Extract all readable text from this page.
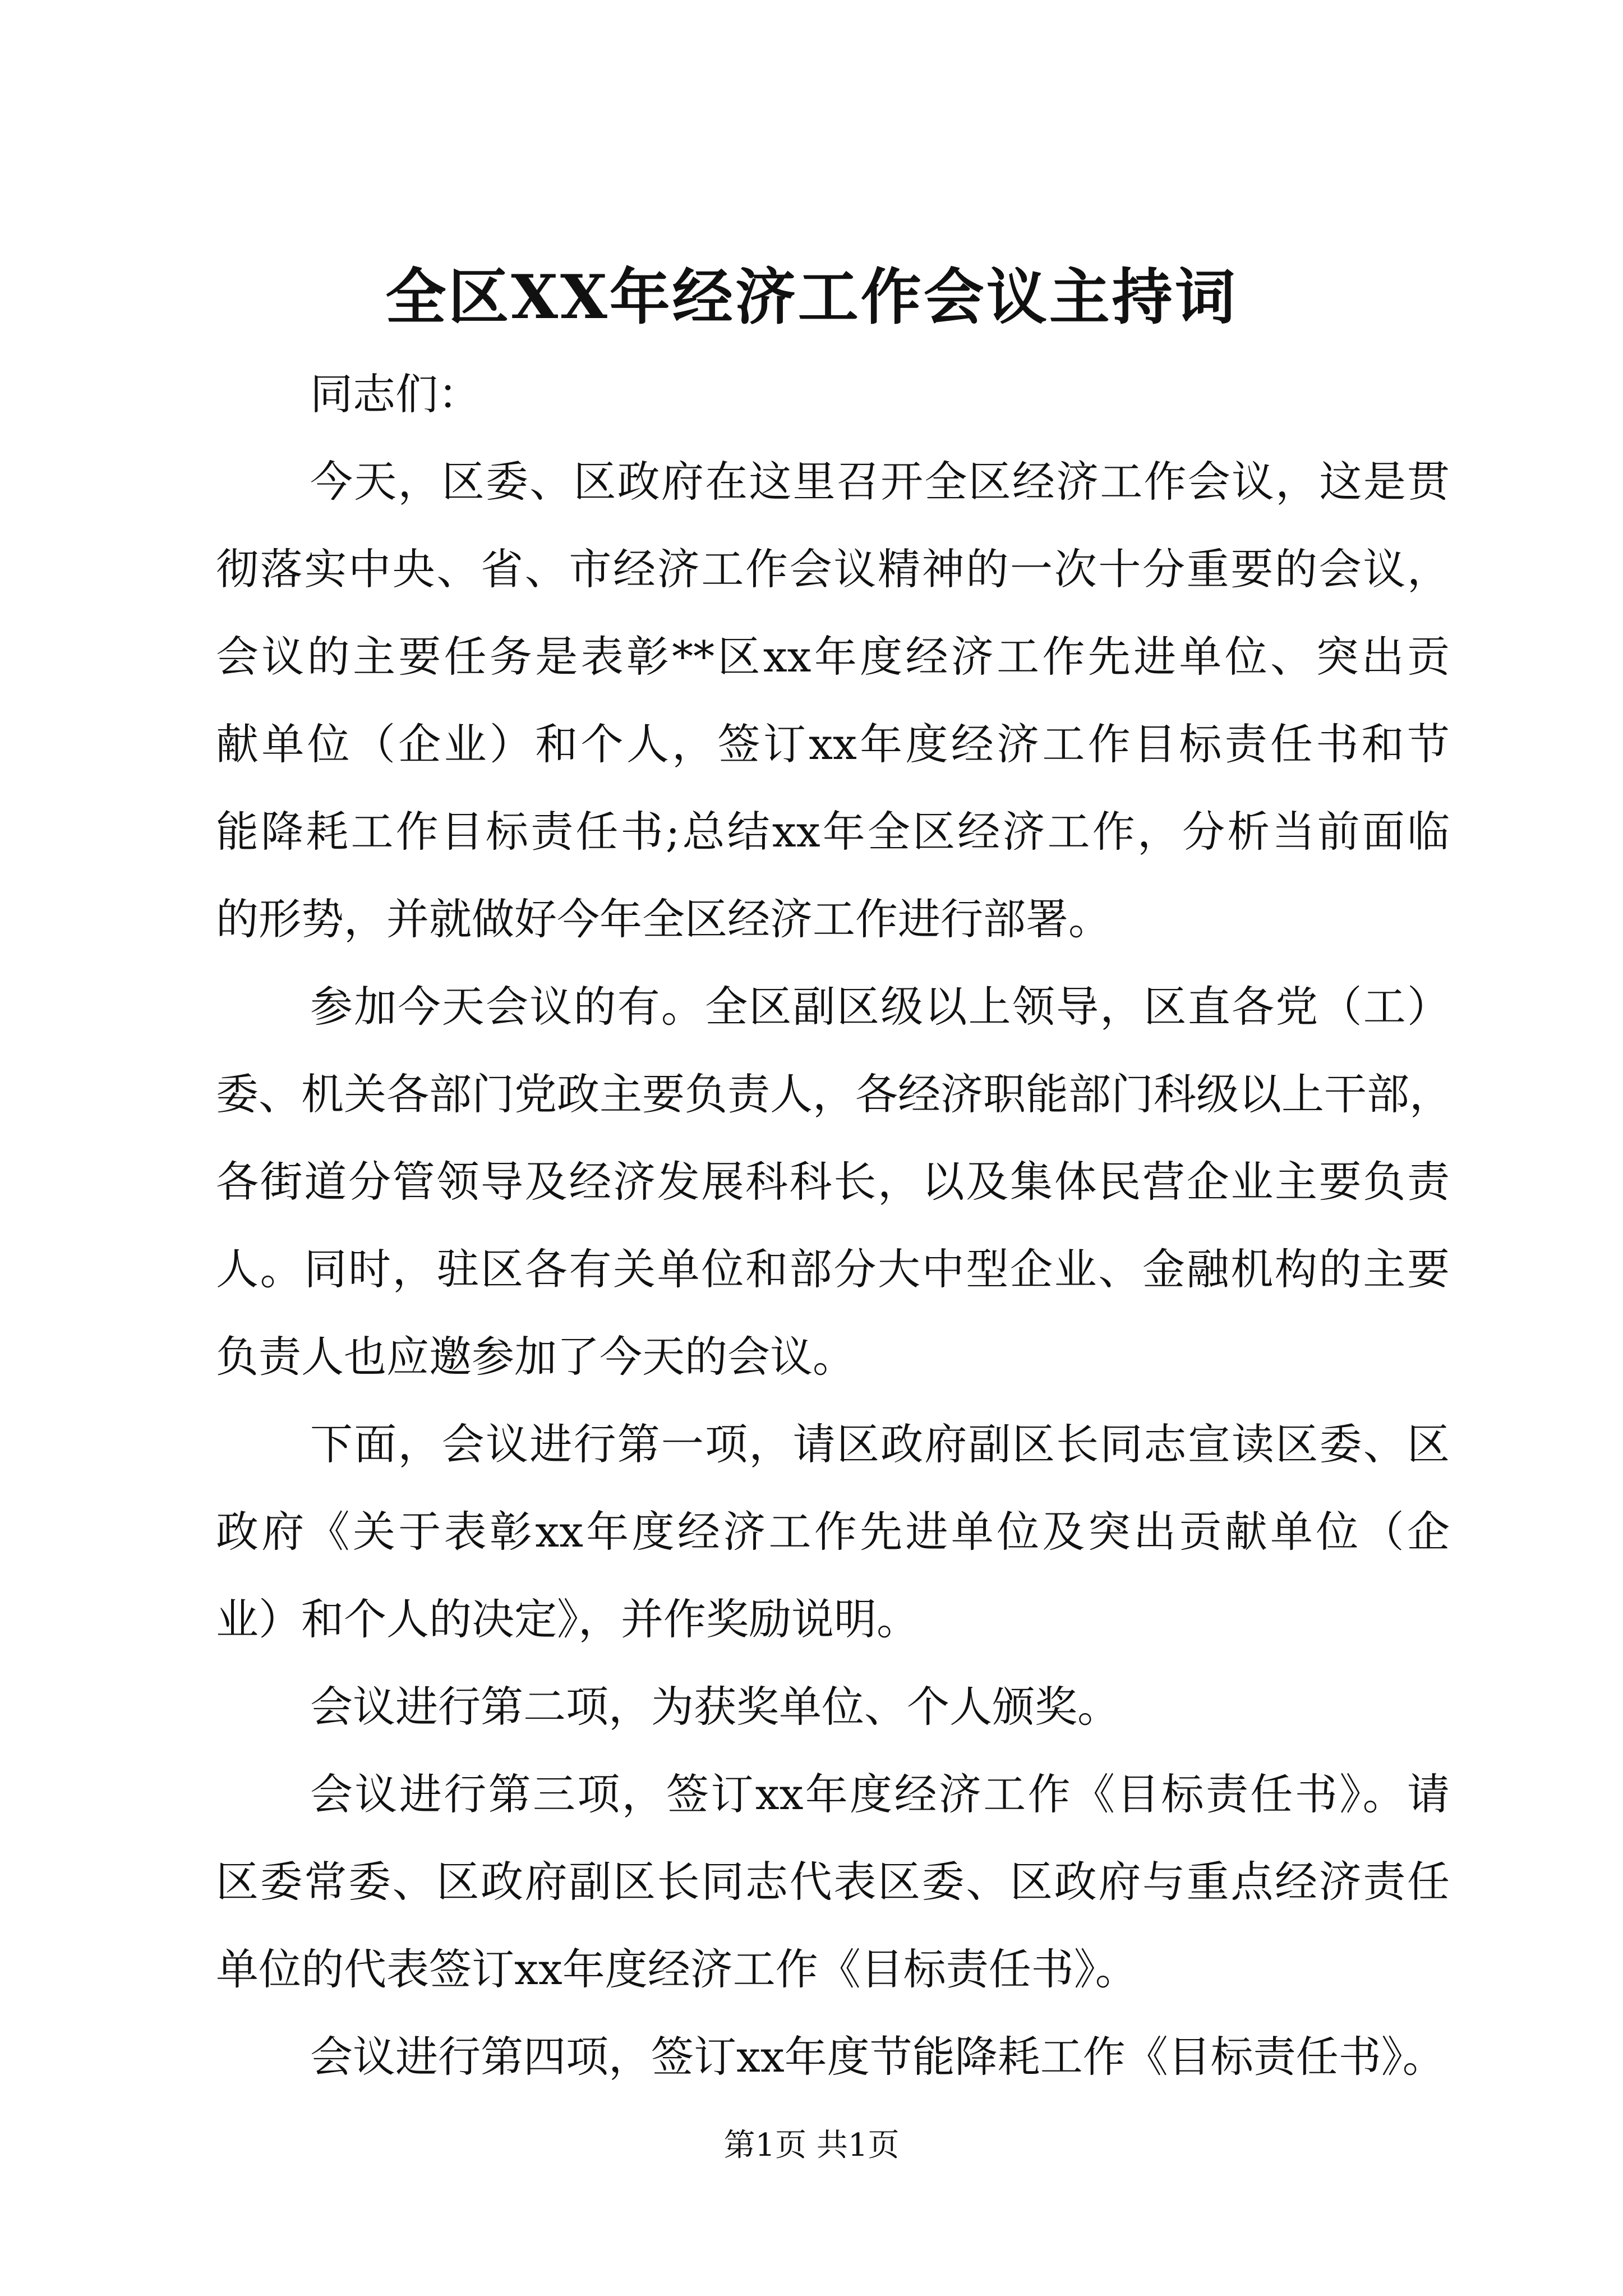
全区XX年经济工作会议主持词
同志们：
今天，区委、区政府在这里召开全区经济工作会议，这是贯
彻落实中央、省、市经济工作会议精神的一次十分重要的会议，
会议的主要任务是表彰**区xx年度经济工作先进单位、突出贡
献单位（企业）和个人，签订xx年度经济工作目标责任书和节
能降耗工作目标责任书;总结xx年全区经济工作，分析当前面临
的形势，并就做好今年全区经济工作进行部署。
参加今天会议的有。全区副区级以上领导，区直各党（工）
委、机关各部门党政主要负责人，各经济职能部门科级以上干部，
各街道分管领导及经济发展科科长，以及集体民营企业主要负责
人。同时，驻区各有关单位和部分大中型企业、金融机构的主要
负责人也应邀参加了今天的会议。
下面，会议进行第一项，请区政府副区长同志宣读区委、区
政府《关于表彰xx年度经济工作先进单位及突出贡献单位（企
业）和个人的决定》，并作奖励说明。
会议进行第二项，为获奖单位、个人颁奖。
会议进行第三项，签订xx年度经济工作《目标责任书》。请
区委常委、区政府副区长同志代表区委、区政府与重点经济责任
单位的代表签订xx年度经济工作《目标责任书》。
会议进行第四项，签订xx年度节能降耗工作《目标责任书》。
第1页 共1页
